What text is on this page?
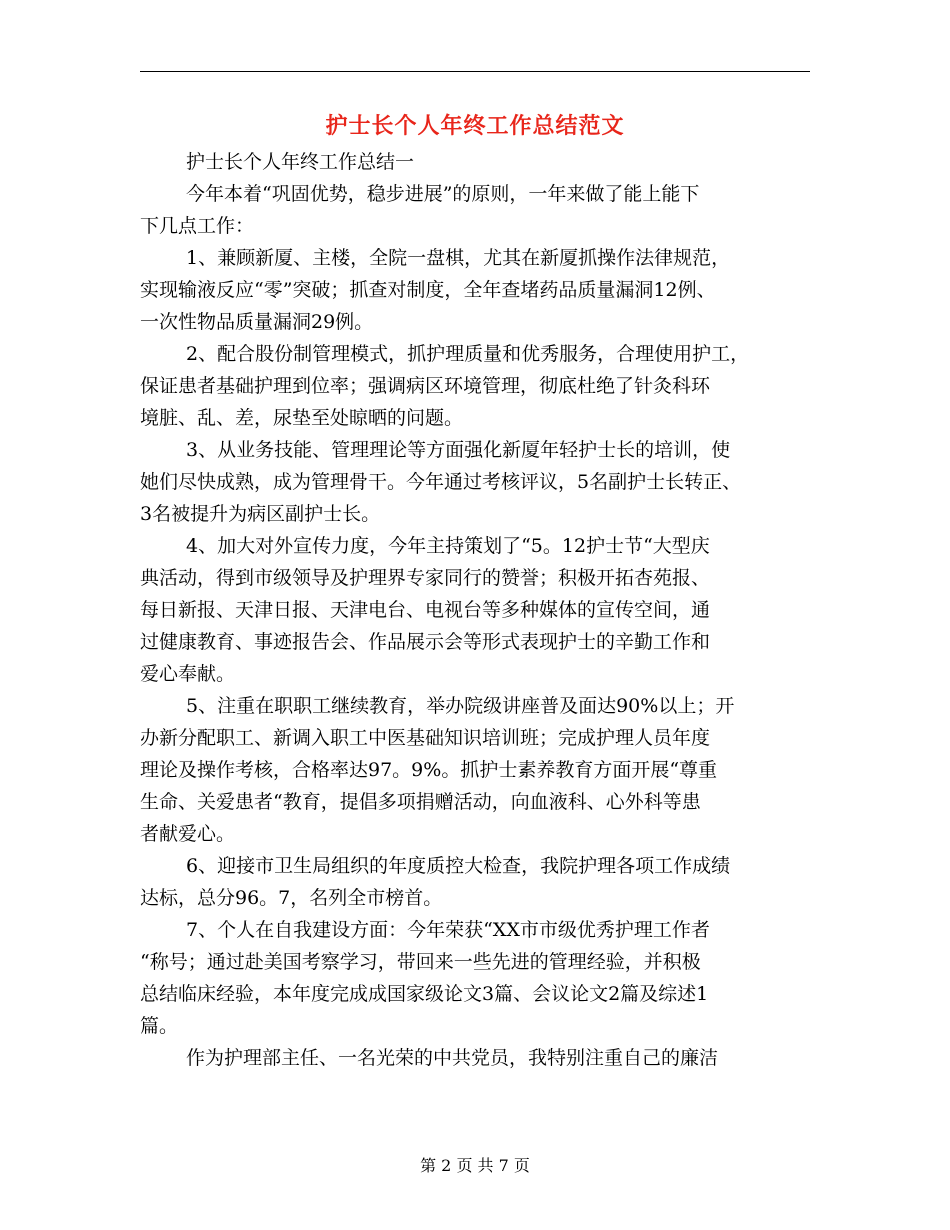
护士长个人年终工作总结范文
护士长个人年终工作总结一
今年本着“巩固优势，稳步进展”的原则，一年来做了能上能下
下几点工作：
1、兼顾新厦、主楼，全院一盘棋，尤其在新厦抓操作法律规范，
实现输液反应“零”突破；抓查对制度，全年查堵药品质量漏洞12例、
一次性物品质量漏洞29例。
2、配合股份制管理模式，抓护理质量和优秀服务，合理使用护工，
保证患者基础护理到位率；强调病区环境管理，彻底杜绝了针灸科环
境脏、乱、差，尿垫至处晾晒的问题。
3、从业务技能、管理理论等方面强化新厦年轻护士长的培训，使
她们尽快成熟，成为管理骨干。今年通过考核评议，5名副护士长转正、
3名被提升为病区副护士长。
4、加大对外宣传力度，今年主持策划了“5。12护士节“大型庆
典活动，得到市级领导及护理界专家同行的赞誉；积极开拓杏苑报、
每日新报、天津日报、天津电台、电视台等多种媒体的宣传空间，通
过健康教育、事迹报告会、作品展示会等形式表现护士的辛勤工作和
爱心奉献。
5、注重在职职工继续教育，举办院级讲座普及面达90%以上；开
办新分配职工、新调入职工中医基础知识培训班；完成护理人员年度
理论及操作考核，合格率达97。9%。抓护士素养教育方面开展“尊重
生命、关爱患者“教育，提倡多项捐赠活动，向血液科、心外科等患
者献爱心。
6、迎接市卫生局组织的年度质控大检查，我院护理各项工作成绩
达标，总分96。7，名列全市榜首。
7、个人在自我建设方面：今年荣获“XX市市级优秀护理工作者
“称号；通过赴美国考察学习，带回来一些先进的管理经验，并积极
总结临床经验，本年度完成成国家级论文3篇、会议论文2篇及综述1
篇。
作为护理部主任、一名光荣的中共党员，我特别注重自己的廉洁
第 2 页 共 7 页
